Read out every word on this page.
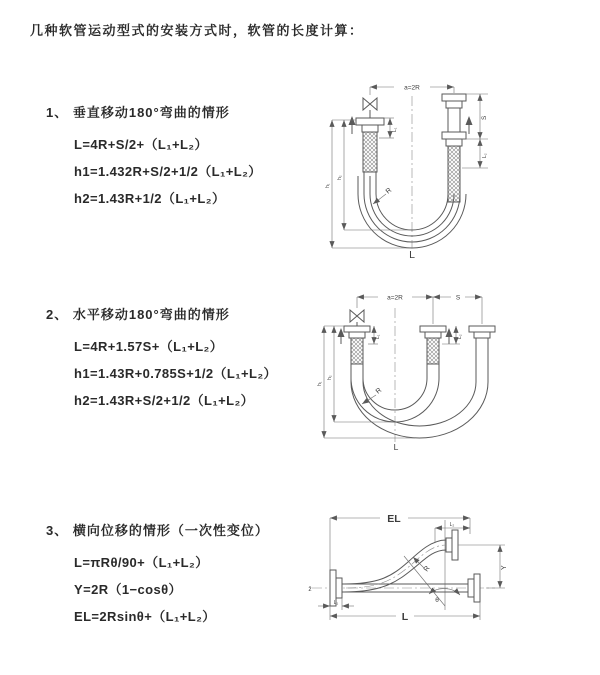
几种软管运动型式的安装方式时，软管的长度计算：
1、 垂直移动180°弯曲的情形
L=4R+S/2+（L₁+L₂）
h1=1.432R+S/2+1/2（L₁+L₂）
h2=1.43R+1/2（L₁+L₂）
2、 水平移动180°弯曲的情形
L=4R+1.57S+（L₁+L₂）
h1=1.43R+0.785S+1/2（L₁+L₂）
h2=1.43R+S/2+1/2（L₁+L₂）
3、 横向位移的情形（一次性变位）
L=πRθ/90+（L₁+L₂）
Y=2R（1−cosθ）
EL=2Rsinθ+（L₁+L₂）
a=2R
L₁
h₁
h₂
S
L₂
R
L
a=2R	S
L₁	L₂
h₁
h₂
R
L
EL	L₂
Y
R
θ
L
L₁
z̄
